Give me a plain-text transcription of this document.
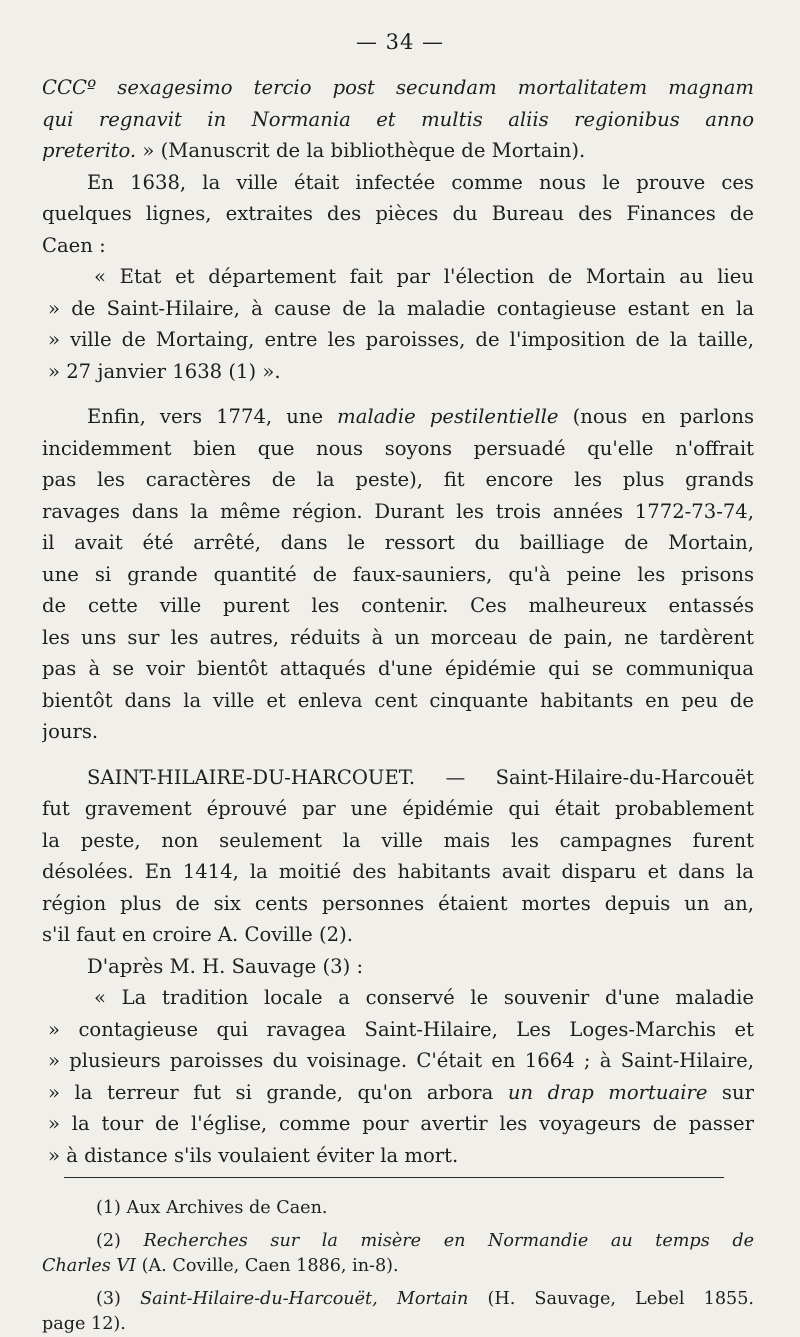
— 34 —
CCCº sexagesimo tercio post secundam mortalitatem magnam
qui regnavit in Normania et multis aliis regionibus anno
preterito. » (Manuscrit de la bibliothèque de Mortain).
En 1638, la ville était infectée comme nous le prouve ces
quelques lignes, extraites des pièces du Bureau des Finances de
Caen :
« Etat et département fait par l'élection de Mortain au lieu
» de Saint-Hilaire, à cause de la maladie contagieuse estant en la
» ville de Mortaing, entre les paroisses, de l'imposition de la taille,
» 27 janvier 1638 (1) ».
Enfin, vers 1774, une maladie pestilentielle (nous en parlons
incidemment bien que nous soyons persuadé qu'elle n'offrait
pas les caractères de la peste), fit encore les plus grands
ravages dans la même région. Durant les trois années 1772-73-74,
il avait été arrêté, dans le ressort du bailliage de Mortain,
une si grande quantité de faux-sauniers, qu'à peine les prisons
de cette ville purent les contenir. Ces malheureux entassés
les uns sur les autres, réduits à un morceau de pain, ne tardèrent
pas à se voir bientôt attaqués d'une épidémie qui se communiqua
bientôt dans la ville et enleva cent cinquante habitants en peu de
jours.
SAINT-HILAIRE-DU-HARCOUET. — Saint-Hilaire-du-Harcouët
fut gravement éprouvé par une épidémie qui était probablement
la peste, non seulement la ville mais les campagnes furent
désolées. En 1414, la moitié des habitants avait disparu et dans la
région plus de six cents personnes étaient mortes depuis un an,
s'il faut en croire A. Coville (2).
D'après M. H. Sauvage (3) :
« La tradition locale a conservé le souvenir d'une maladie
» contagieuse qui ravagea Saint-Hilaire, Les Loges-Marchis et
» plusieurs paroisses du voisinage. C'était en 1664 ; à Saint-Hilaire,
» la terreur fut si grande, qu'on arbora un drap mortuaire sur
» la tour de l'église, comme pour avertir les voyageurs de passer
» à distance s'ils voulaient éviter la mort.
(1) Aux Archives de Caen.
(2) Recherches sur la misère en Normandie au temps de
Charles VI (A. Coville, Caen 1886, in-8).
(3) Saint-Hilaire-du-Harcouët, Mortain (H. Sauvage, Lebel 1855.
page 12).
